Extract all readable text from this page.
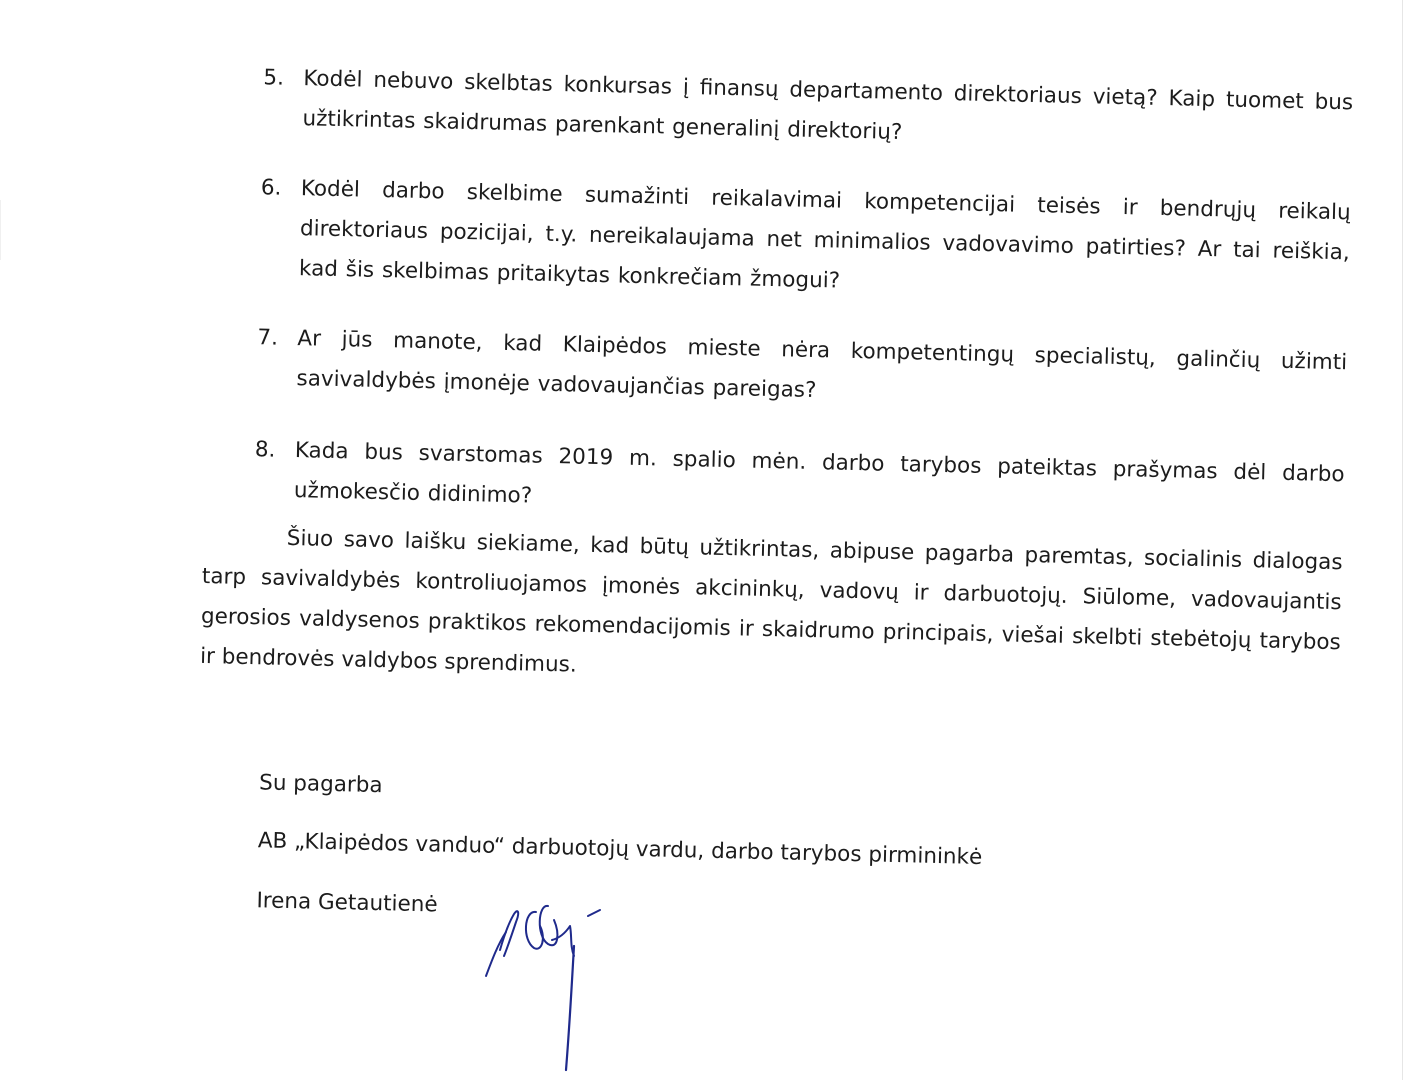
5. Kodėl nebuvo skelbtas konkursas į finansų departamento direktoriaus vietą? Kaip tuomet bus užtikrintas skaidrumas parenkant generalinį direktorių?
6. Kodėl darbo skelbime sumažinti reikalavimai kompetencijai teisės ir bendrųjų reikalų direktoriaus pozicijai, t.y. nereikalaujama net minimalios vadovavimo patirties? Ar tai reiškia, kad šis skelbimas pritaikytas konkrečiam žmogui?
7. Ar jūs manote, kad Klaipėdos mieste nėra kompetentingų specialistų, galinčių užimti savivaldybės įmonėje vadovaujančias pareigas?
8. Kada bus svarstomas 2019 m. spalio mėn. darbo tarybos pateiktas prašymas dėl darbo užmokesčio didinimo?
Šiuo savo laišku siekiame, kad būtų užtikrintas, abipuse pagarba paremtas, socialinis dialogas tarp savivaldybės kontroliuojamos įmonės akcininkų, vadovų ir darbuotojų. Siūlome, vadovaujantis gerosios valdysenos praktikos rekomendacijomis ir skaidrumo principais, viešai skelbti stebėtojų tarybos ir bendrovės valdybos sprendimus.
Su pagarba
AB „Klaipėdos vanduo“ darbuotojų vardu, darbo tarybos pirmininkė
Irena Getautienė
